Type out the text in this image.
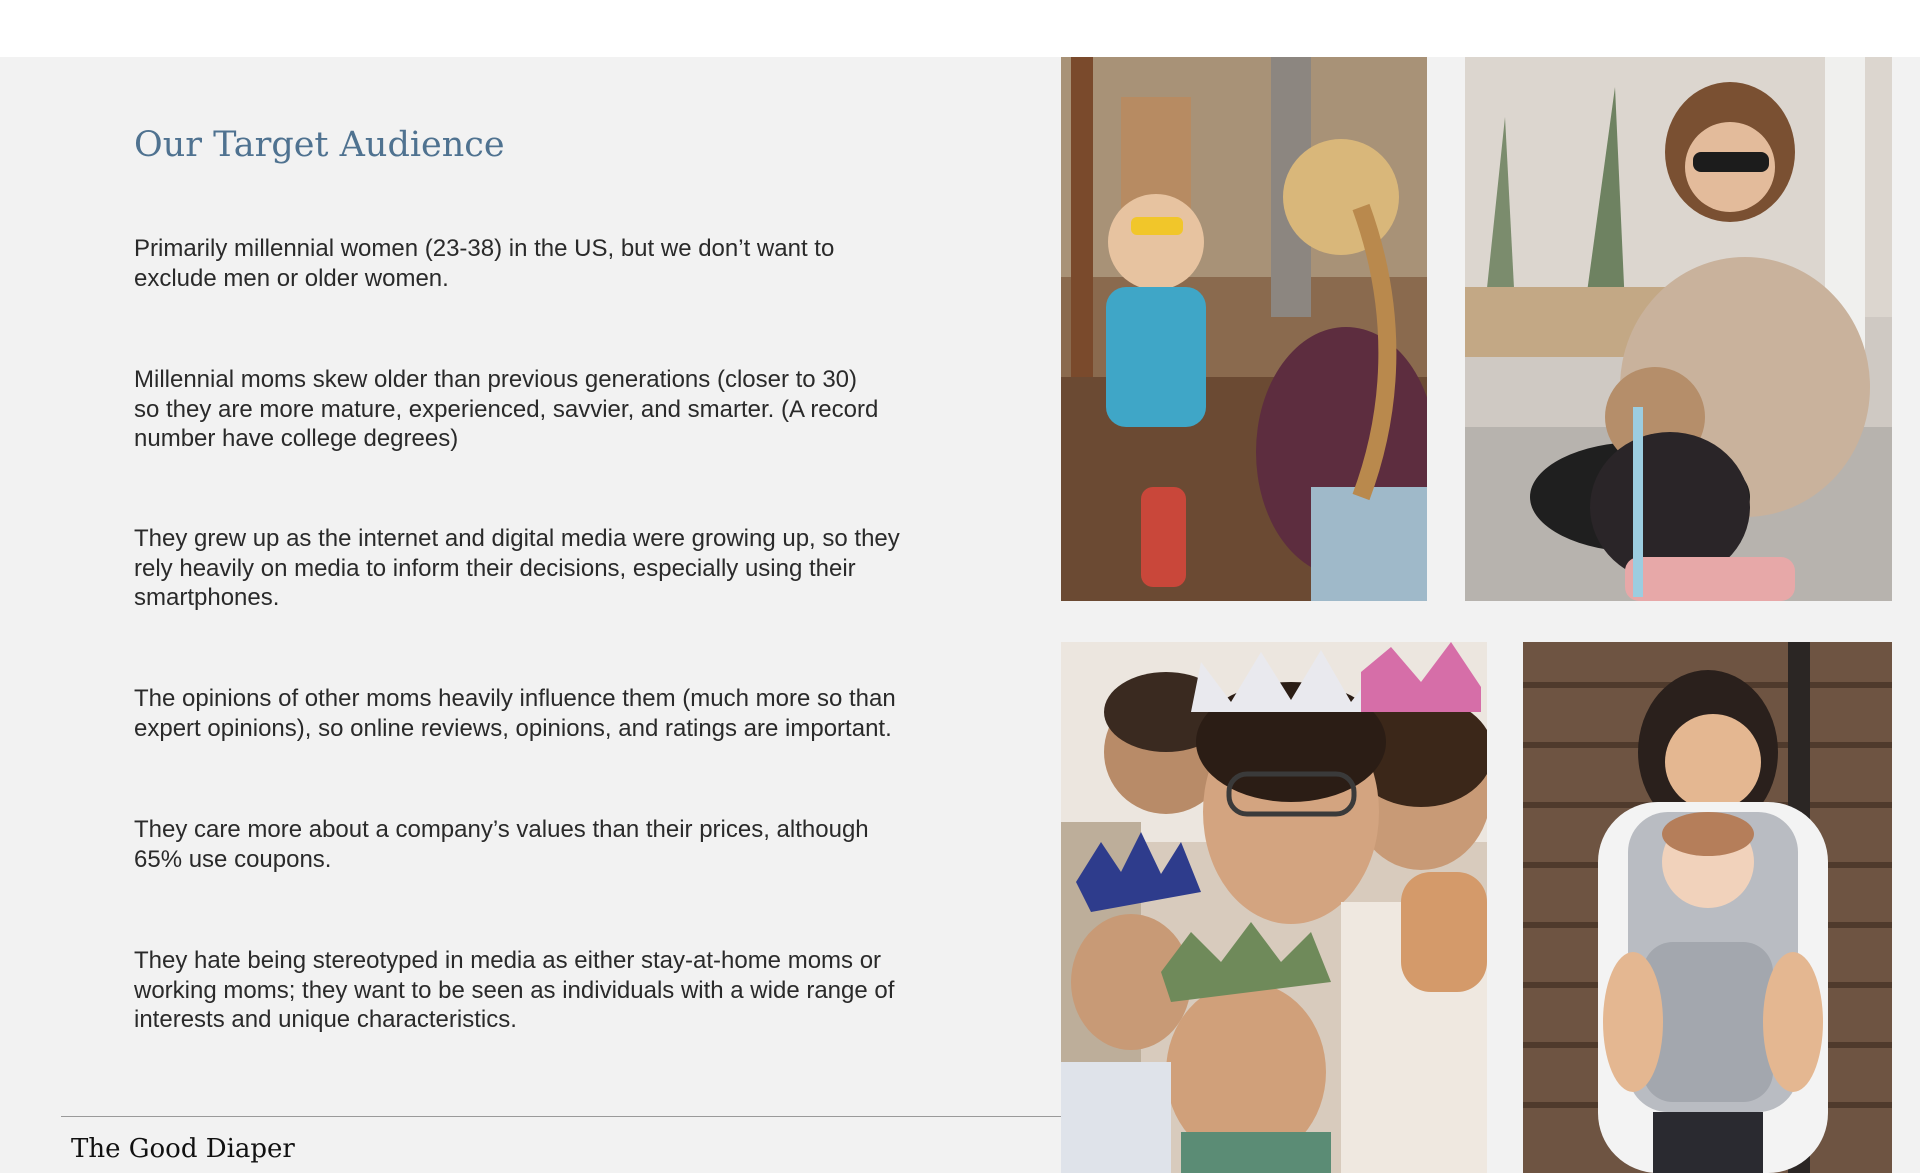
Our Target Audience

Primarily millennial women (23-38) in the US, but we don’t want to
exclude men or older women.

Millennial moms skew older than previous generations (closer to 30)
so they are more mature, experienced, savvier, and smarter. (A record
number have college degrees)

They grew up as the internet and digital media were growing up, so they
rely heavily on media to inform their decisions, especially using their
smartphones.

The opinions of other moms heavily influence them (much more so than
expert opinions), so online reviews, opinions, and ratings are important.

They care more about a company’s values than their prices, although
65% use coupons.

They hate being stereotyped in media as either stay-at-home moms or
working moms; they want to be seen as individuals with a wide range of
interests and unique characteristics.

The Good Diaper
